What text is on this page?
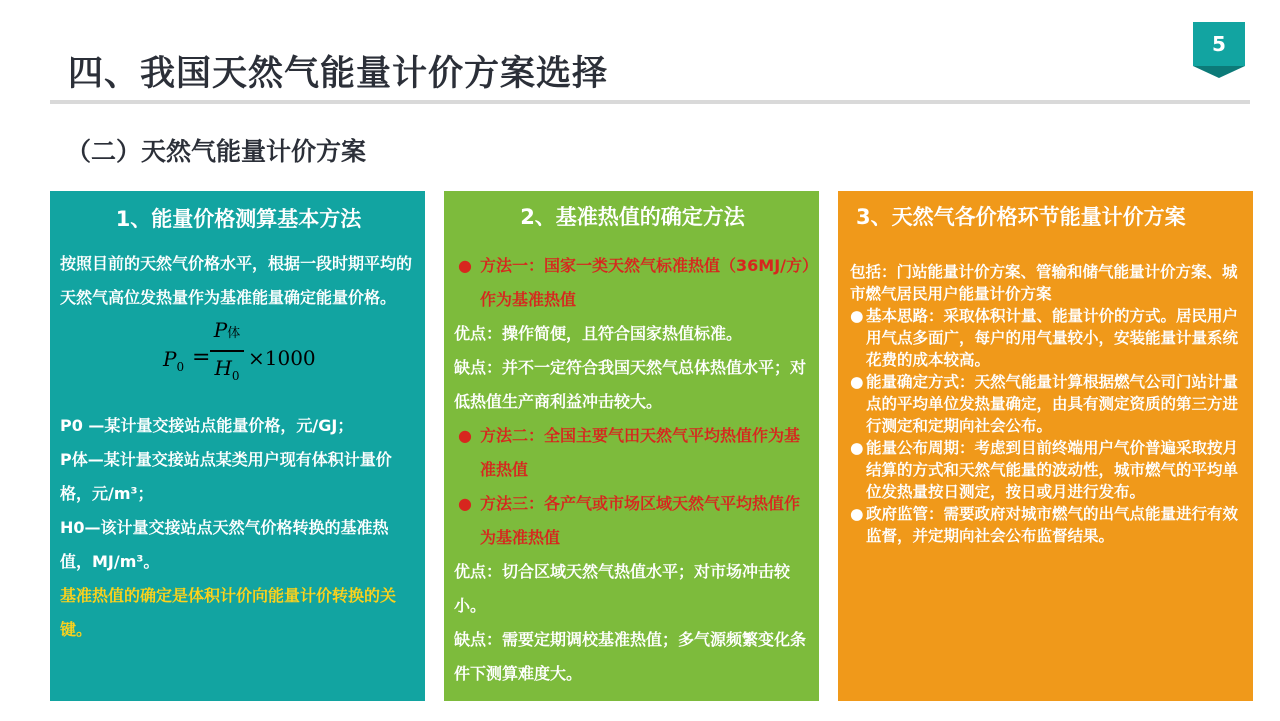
四、我国天然气能量计价方案选择
5
（二）天然气能量计价方案
1、能量价格测算基本方法

按照目前的天然气价格水平，根据一段时期平均的天然气高位发热量作为基准能量确定能量价格。

$P_0$ =
P体
$H_0$
×1000

P0 —某计量交接站点能量价格，元/GJ；

P体—某计量交接站点某类用户现有体积计量价格，元/m³；

H0—该计量交接站点天然气价格转换的基准热值，MJ/m³。

基准热值的确定是体积计价向能量计价转换的关键。

2、基准热值的确定方法
● 方法一：国家一类天然气标准热值（36MJ/方）作为基准热值

优点：操作简便，且符合国家热值标准。

缺点：并不一定符合我国天然气总体热值水平；对低热值生产商利益冲击较大。

● 方法二：全国主要气田天然气平均热值作为基准热值
● 方法三：各产气或市场区域天然气平均热值作为基准热值

优点：切合区域天然气热值水平；对市场冲击较小。

缺点：需要定期调校基准热值；多气源频繁变化条件下测算难度大。

3、天然气各价格环节能量计价方案

包括：门站能量计价方案、管输和储气能量计价方案、城市燃气居民用户能量计价方案

● 基本思路：采取体积计量、能量计价的方式。居民用户用气点多面广，每户的用气量较小，安装能量计量系统花费的成本较高。
● 能量确定方式：天然气能量计算根据燃气公司门站计量点的平均单位发热量确定，由具有测定资质的第三方进行测定和定期向社会公布。
● 能量公布周期：考虑到目前终端用户气价普遍采取按月结算的方式和天然气能量的波动性，城市燃气的平均单位发热量按日测定，按日或月进行发布。
● 政府监管：需要政府对城市燃气的出气点能量进行有效监督，并定期向社会公布监督结果。
